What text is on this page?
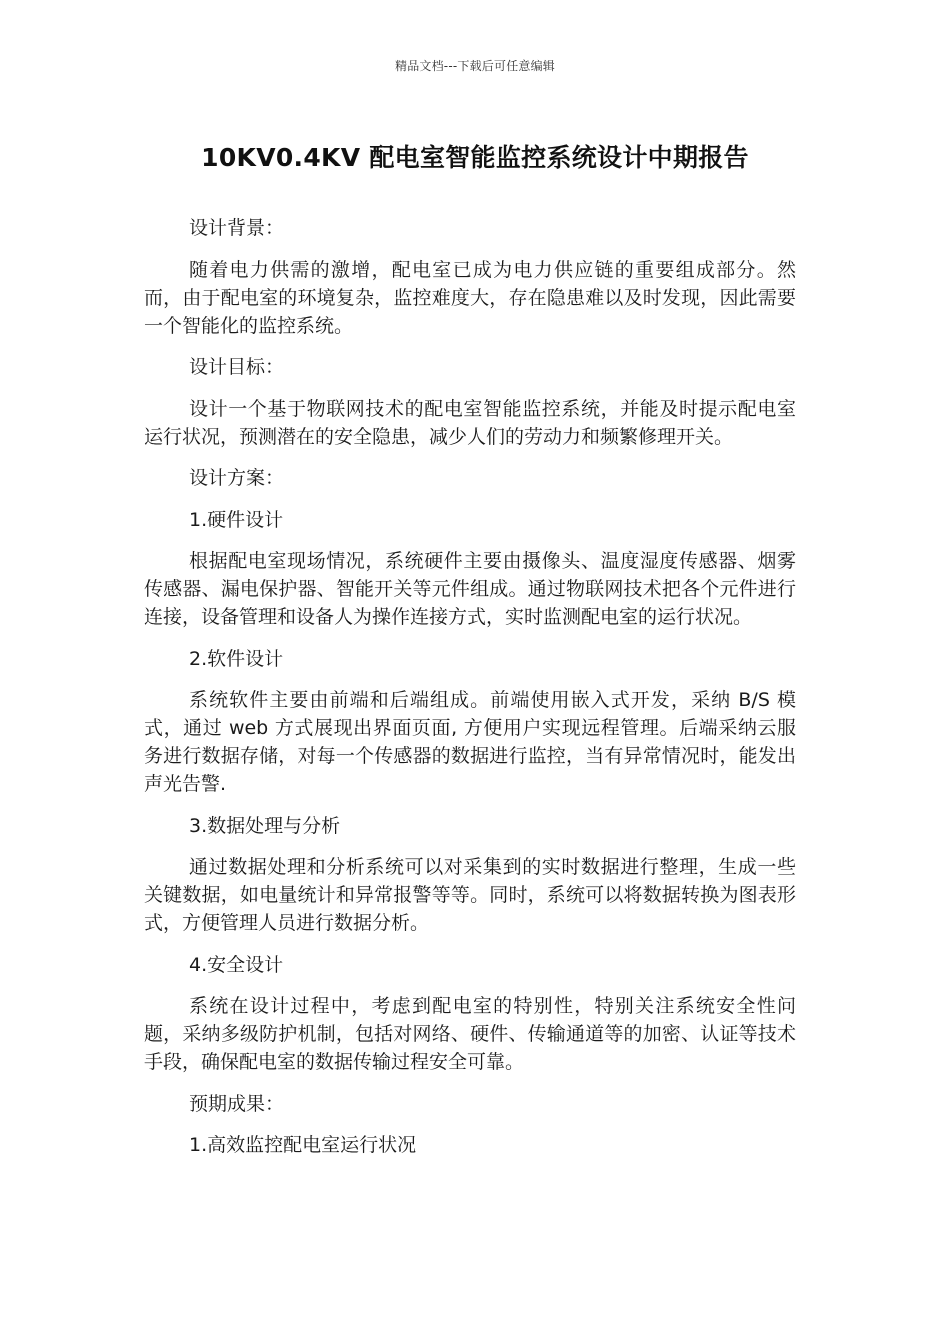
精品文档---下载后可任意编辑
10KV0.4KV 配电室智能监控系统设计中期报告

设计背景：

随着电力供需的激增，配电室已成为电力供应链的重要组成部分。然而，由于配电室的环境复杂，监控难度大，存在隐患难以及时发现，因此需要一个智能化的监控系统。

设计目标：

设计一个基于物联网技术的配电室智能监控系统，并能及时提示配电室运行状况，预测潜在的安全隐患，减少人们的劳动力和频繁修理开关。

设计方案：

1.硬件设计

根据配电室现场情况，系统硬件主要由摄像头、温度湿度传感器、烟雾传感器、漏电保护器、智能开关等元件组成。通过物联网技术把各个元件进行连接，设备管理和设备人为操作连接方式，实时监测配电室的运行状况。

2.软件设计

系统软件主要由前端和后端组成。前端使用嵌入式开发，采纳 B/S 模式，通过 web 方式展现出界面页面, 方便用户实现远程管理。后端采纳云服务进行数据存储，对每一个传感器的数据进行监控，当有异常情况时，能发出声光告警.

3.数据处理与分析

通过数据处理和分析系统可以对采集到的实时数据进行整理，生成一些关键数据，如电量统计和异常报警等等。同时，系统可以将数据转换为图表形式，方便管理人员进行数据分析。

4.安全设计

系统在设计过程中，考虑到配电室的特别性，特别关注系统安全性问题，采纳多级防护机制，包括对网络、硬件、传输通道等的加密、认证等技术手段，确保配电室的数据传输过程安全可靠。

预期成果：

1.高效监控配电室运行状况
